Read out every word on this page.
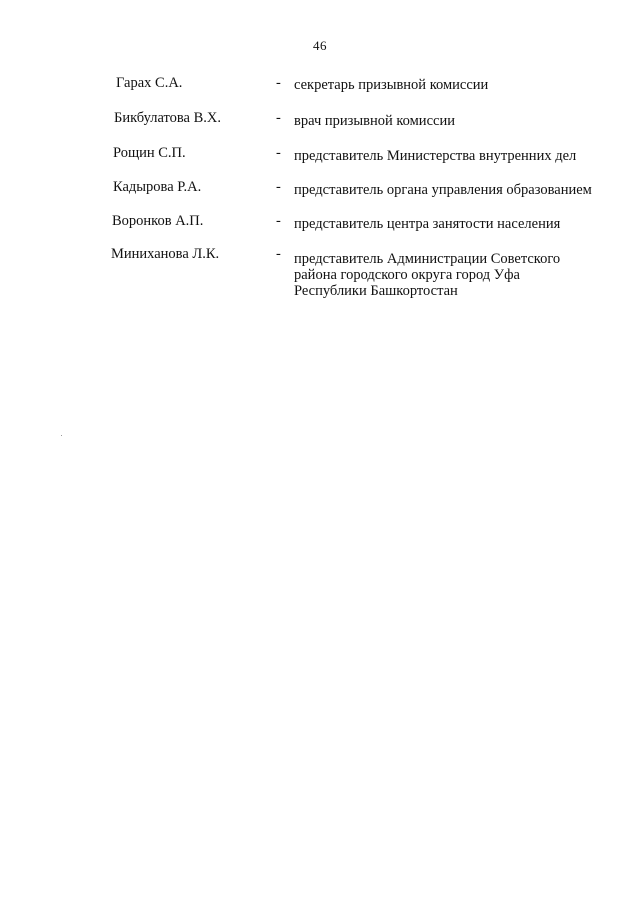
46
Гарах С.А.	- секретарь призывной комиссии
Бикбулатова В.Х.	- врач призывной комиссии
Рощин С.П.	- представитель Министерства внутренних дел
Кадырова Р.А.	- представитель органа управления образованием
Воронков А.П.	- представитель центра занятости населения
Миниханова Л.К.	- представитель Администрации Советского
района городского округа город Уфа
Республики Башкортостан
